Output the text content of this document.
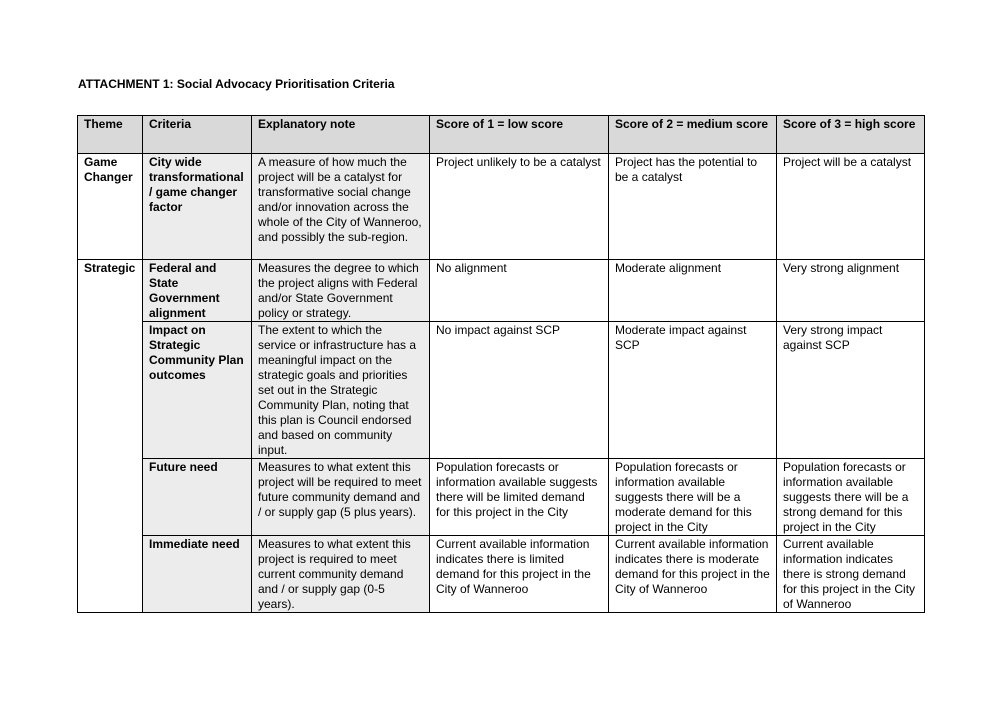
ATTACHMENT 1: Social Advocacy Prioritisation Criteria
Theme	Criteria	Explanatory note	Score of 1 = low score	Score of 2 = medium score	Score of 3 = high score
Game Changer	City wide transformational / game changer factor	A measure of how much the project will be a catalyst for transformative social change and/or innovation across the whole of the City of Wanneroo, and possibly the sub-region.	Project unlikely to be a catalyst	Project has the potential to be a catalyst	Project will be a catalyst
Strategic	Federal and State Government alignment	Measures the degree to which the project aligns with Federal and/or State Government policy or strategy.	No alignment	Moderate alignment	Very strong alignment
	Impact on Strategic Community Plan outcomes	The extent to which the service or infrastructure has a meaningful impact on the strategic goals and priorities set out in the Strategic Community Plan, noting that this plan is Council endorsed and based on community input.	No impact against SCP	Moderate impact against SCP	Very strong impact against SCP
	Future need	Measures to what extent this project will be required to meet future community demand and / or supply gap (5 plus years).	Population forecasts or information available suggests there will be limited demand for this project in the City	Population forecasts or information available suggests there will be a moderate demand for this project in the City	Population forecasts or information available suggests there will be a strong demand for this project in the City
	Immediate need	Measures to what extent this project is required to meet current community demand and / or supply gap (0-5 years).	Current available information indicates there is limited demand for this project in the City of Wanneroo	Current available information indicates there is moderate demand for this project in the City of Wanneroo	Current available information indicates there is strong demand for this project in the City of Wanneroo
